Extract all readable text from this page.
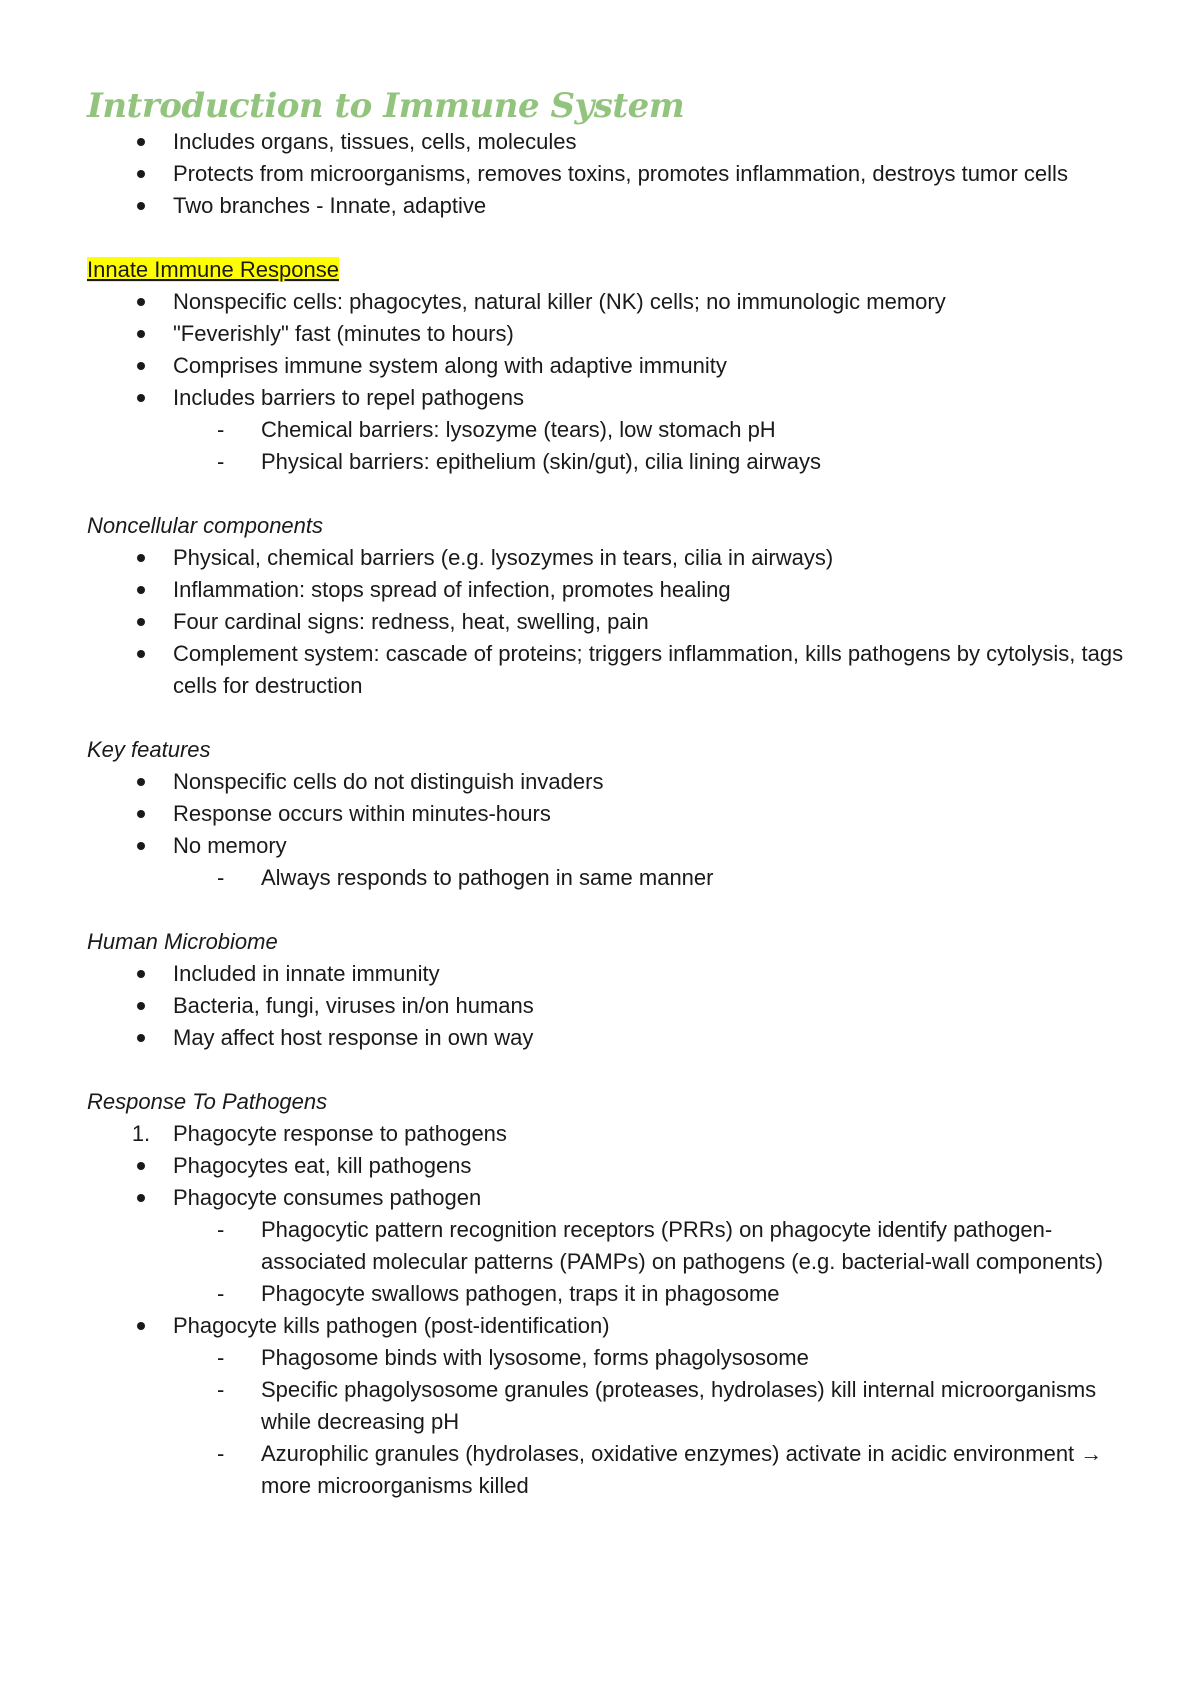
Introduction to Immune System
Includes organs, tissues, cells, molecules
Protects from microorganisms, removes toxins, promotes inflammation, destroys tumor cells
Two branches - Innate, adaptive
Innate Immune Response
Nonspecific cells: phagocytes, natural killer (NK) cells; no immunologic memory
"Feverishly" fast (minutes to hours)
Comprises immune system along with adaptive immunity
Includes barriers to repel pathogens
- Chemical barriers: lysozyme (tears), low stomach pH
- Physical barriers: epithelium (skin/gut), cilia lining airways
Noncellular components
Physical, chemical barriers (e.g. lysozymes in tears, cilia in airways)
Inflammation: stops spread of infection, promotes healing
Four cardinal signs: redness, heat, swelling, pain
Complement system: cascade of proteins; triggers inflammation, kills pathogens by cytolysis, tags cells for destruction
Key features
Nonspecific cells do not distinguish invaders
Response occurs within minutes-hours
No memory
- Always responds to pathogen in same manner
Human Microbiome
Included in innate immunity
Bacteria, fungi, viruses in/on humans
May affect host response in own way
Response To Pathogens
1. Phagocyte response to pathogens
Phagocytes eat, kill pathogens
Phagocyte consumes pathogen
- Phagocytic pattern recognition receptors (PRRs) on phagocyte identify pathogen-associated molecular patterns (PAMPs) on pathogens (e.g. bacterial-wall components)
- Phagocyte swallows pathogen, traps it in phagosome
Phagocyte kills pathogen (post-identification)
- Phagosome binds with lysosome, forms phagolysosome
- Specific phagolysosome granules (proteases, hydrolases) kill internal microorganisms while decreasing pH
- Azurophilic granules (hydrolases, oxidative enzymes) activate in acidic environment → more microorganisms killed
